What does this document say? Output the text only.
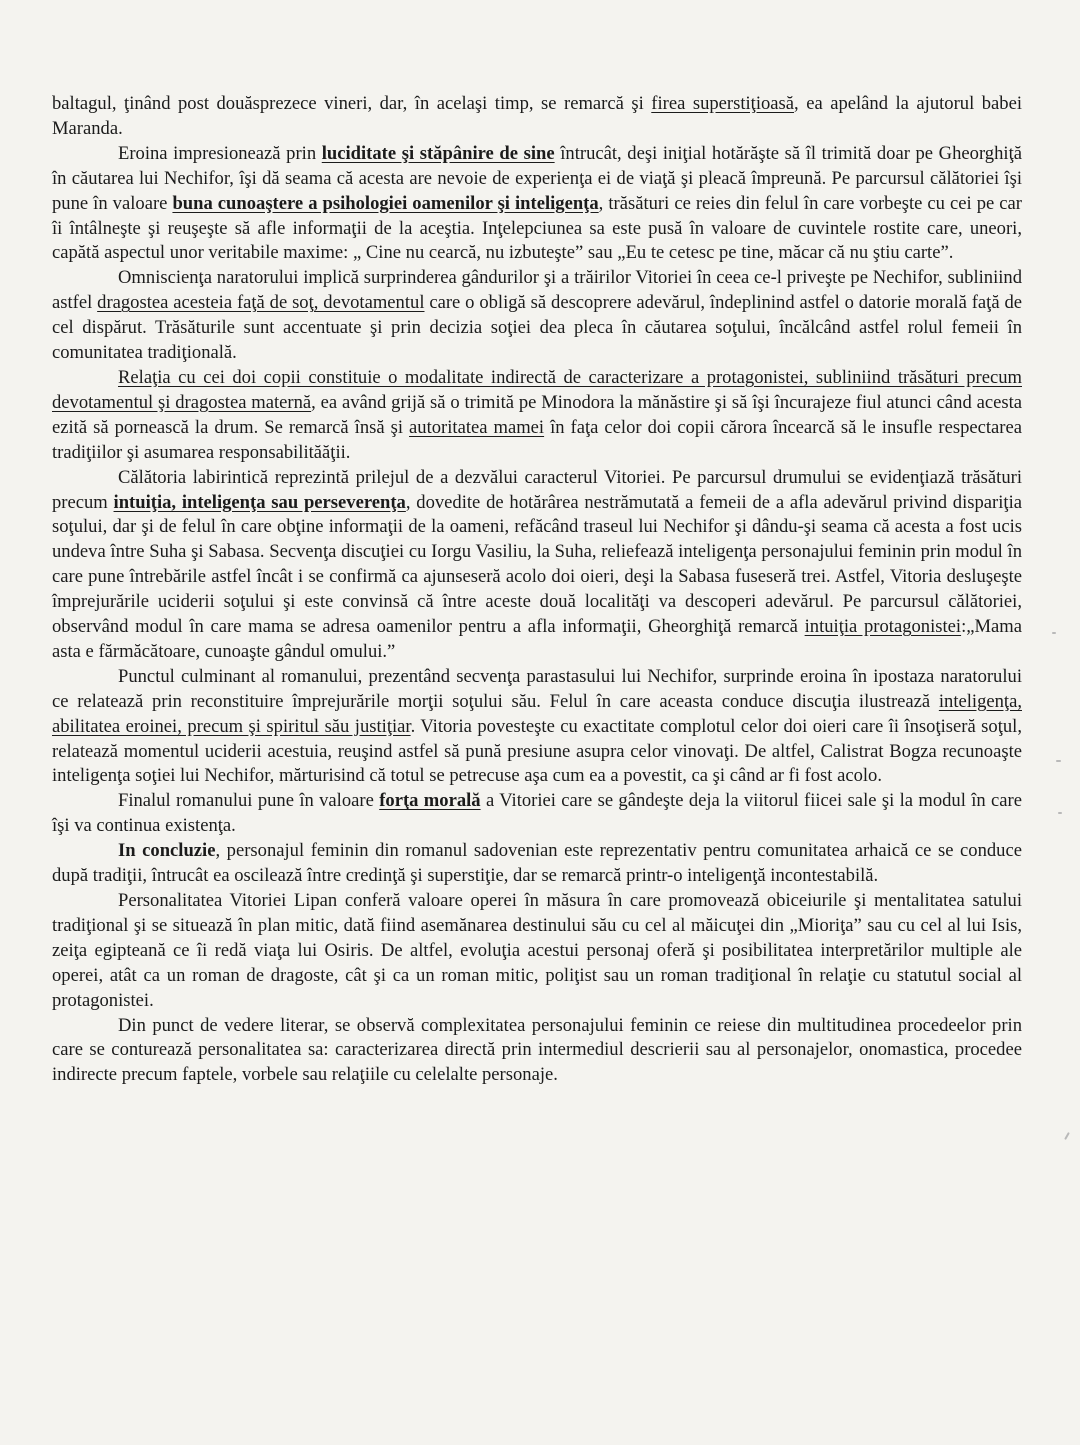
baltagul, ţinând post douăsprezece vineri, dar, în acelaşi timp, se remarcă şi firea superstiţioasă, ea apelând la ajutorul babei Maranda.

Eroina impresionează prin luciditate şi stăpânire de sine întrucât, deşi iniţial hotărăşte să îl trimită doar pe Gheorghiţă în căutarea lui Nechifor, îşi dă seama că acesta are nevoie de experienţa ei de viaţă şi pleacă împreună. Pe parcursul călătoriei îşi pune în valoare buna cunoaştere a psihologiei oamenilor şi inteligenţa, trăsături ce reies din felul în care vorbeşte cu cei pe car îi întâlneşte şi reuşeşte să afle informaţii de la aceştia. Inţelepciunea sa este pusă în valoare de cuvintele rostite care, uneori, capătă aspectul unor veritabile maxime: „ Cine nu cearcă, nu izbuteşte” sau „Eu te cetesc pe tine, măcar că nu ştiu carte”.

Omniscienţa naratorului implică surprinderea gândurilor şi a trăirilor Vitoriei în ceea ce-l priveşte pe Nechifor, subliniind astfel dragostea acesteia faţă de soţ, devotamentul care o obligă să descoprere adevărul, îndeplinind astfel o datorie morală faţă de cel dispărut. Trăsăturile sunt accentuate şi prin decizia soţiei dea pleca în căutarea soţului, încălcând astfel rolul femeii în comunitatea tradiţională.

Relaţia cu cei doi copii constituie o modalitate indirectă de caracterizare a protagonistei, subliniind trăsături precum devotamentul şi dragostea maternă, ea având grijă să o trimită pe Minodora la mănăstire şi să îşi încurajeze fiul atunci când acesta ezită să pornească la drum. Se remarcă însă şi autoritatea mamei în faţa celor doi copii cărora încearcă să le insufle respectarea tradiţiilor şi asumarea responsabilităăţii.

Călătoria labirintică reprezintă prilejul de a dezvălui caracterul Vitoriei. Pe parcursul drumului se evidenţiază trăsături precum intuiţia, inteligenţa sau perseverenţa, dovedite de hotărârea nestrămutată a femeii de a afla adevărul privind dispariţia soţului, dar şi de felul în care obţine informaţii de la oameni, refăcând traseul lui Nechifor şi dându-şi seama că acesta a fost ucis undeva între Suha şi Sabasa. Secvenţa discuţiei cu Iorgu Vasiliu, la Suha, reliefează inteligenţa personajului feminin prin modul în care pune întrebările astfel încât i se confirmă ca ajunseseră acolo doi oieri, deşi la Sabasa fuseseră trei. Astfel, Vitoria desluşeşte împrejurările uciderii soţului şi este convinsă că între aceste două localităţi va descoperi adevărul. Pe parcursul călătoriei, observând modul în care mama se adresa oamenilor pentru a afla informaţii, Gheorghiţă remarcă intuiţia protagonistei:„Mama asta e fărmăcătoare, cunoaşte gândul omului.”

Punctul culminant al romanului, prezentând secvenţa parastasului lui Nechifor, surprinde eroina în ipostaza naratorului ce relatează prin reconstituire împrejurările morţii soţului său. Felul în care aceasta conduce discuţia ilustrează inteligenţa, abilitatea eroinei, precum şi spiritul său justiţiar. Vitoria povesteşte cu exactitate complotul celor doi oieri care îi însoţiseră soţul, relatează momentul uciderii acestuia, reuşind astfel să pună presiune asupra celor vinovaţi. De altfel, Calistrat Bogza recunoaşte inteligenţa soţiei lui Nechifor, mărturisind că totul se petrecuse aşa cum ea a povestit, ca şi când ar fi fost acolo.

Finalul romanului pune în valoare forţa morală a Vitoriei care se gândeşte deja la viitorul fiicei sale şi la modul în care îşi va continua existenţa.

In concluzie, personajul feminin din romanul sadovenian este reprezentativ pentru comunitatea arhaică ce se conduce după tradiţii, întrucât ea oscilează între credinţă şi superstiţie, dar se remarcă printr-o inteligenţă incontestabilă.

Personalitatea Vitoriei Lipan conferă valoare operei în măsura în care promovează obiceiurile şi mentalitatea satului tradiţional şi se situează în plan mitic, dată fiind asemănarea destinului său cu cel al măicuţei din „Mioriţa” sau cu cel al lui Isis, zeiţa egipteană ce îi redă viaţa lui Osiris. De altfel, evoluţia acestui personaj oferă şi posibilitatea interpretărilor multiple ale operei, atât ca un roman de dragoste, cât şi ca un roman mitic, poliţist sau un roman tradiţional în relaţie cu statutul social al protagonistei.

Din punct de vedere literar, se observă complexitatea personajului feminin ce reiese din multitudinea procedeelor prin care se conturează personalitatea sa: caracterizarea directă prin intermediul descrierii sau al personajelor, onomastica, procedee indirecte precum faptele, vorbele sau relaţiile cu celelalte personaje.
